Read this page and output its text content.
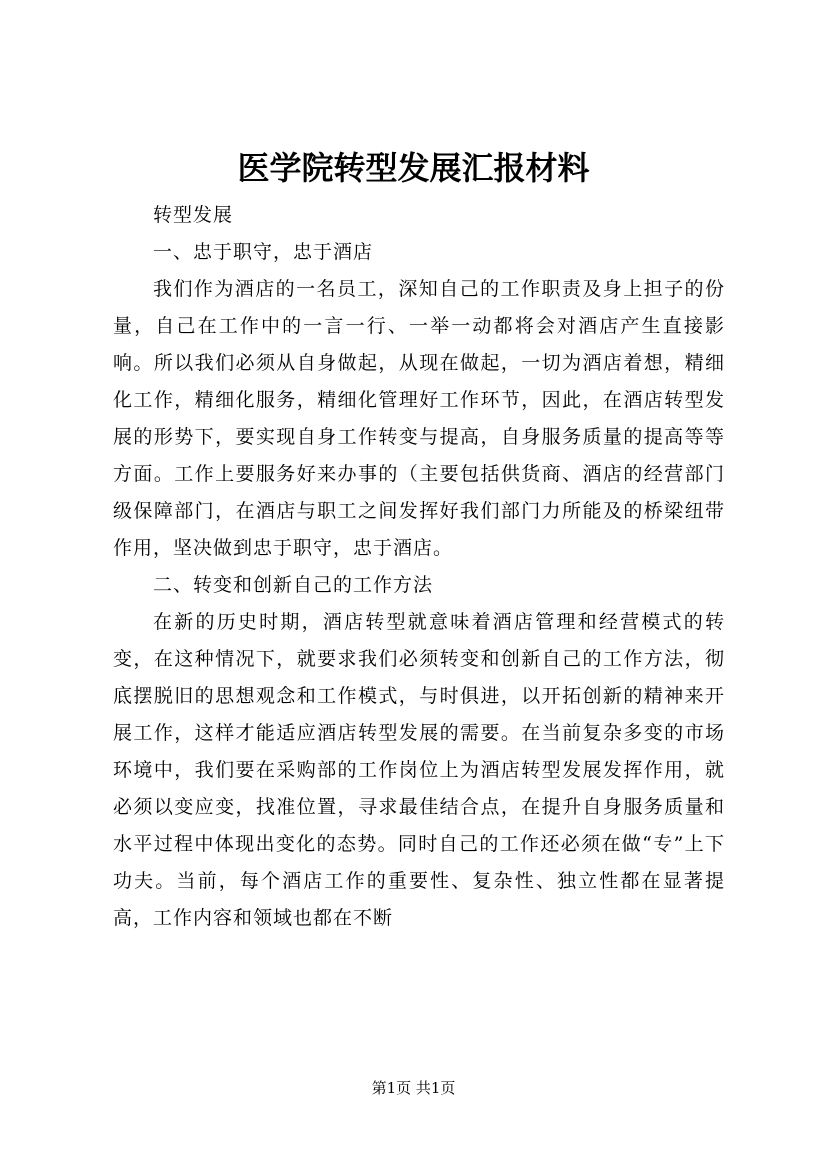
医学院转型发展汇报材料

转型发展

一、忠于职守，忠于酒店

我们作为酒店的一名员工，深知自己的工作职责及身上担子的份量，自己在工作中的一言一行、一举一动都将会对酒店产生直接影响。所以我们必须从自身做起，从现在做起，一切为酒店着想，精细化工作，精细化服务，精细化管理好工作环节，因此，在酒店转型发展的形势下，要实现自身工作转变与提高，自身服务质量的提高等等方面。工作上要服务好来办事的（主要包括供货商、酒店的经营部门级保障部门，在酒店与职工之间发挥好我们部门力所能及的桥梁纽带作用，坚决做到忠于职守，忠于酒店。

二、转变和创新自己的工作方法

在新的历史时期，酒店转型就意味着酒店管理和经营模式的转变，在这种情况下，就要求我们必须转变和创新自己的工作方法，彻底摆脱旧的思想观念和工作模式，与时俱进，以开拓创新的精神来开展工作，这样才能适应酒店转型发展的需要。在当前复杂多变的市场环境中，我们要在采购部的工作岗位上为酒店转型发展发挥作用，就必须以变应变，找准位置，寻求最佳结合点，在提升自身服务质量和水平过程中体现出变化的态势。同时自己的工作还必须在做“专”上下功夫。当前，每个酒店工作的重要性、复杂性、独立性都在显著提高，工作内容和领域也都在不断

第1页 共1页
